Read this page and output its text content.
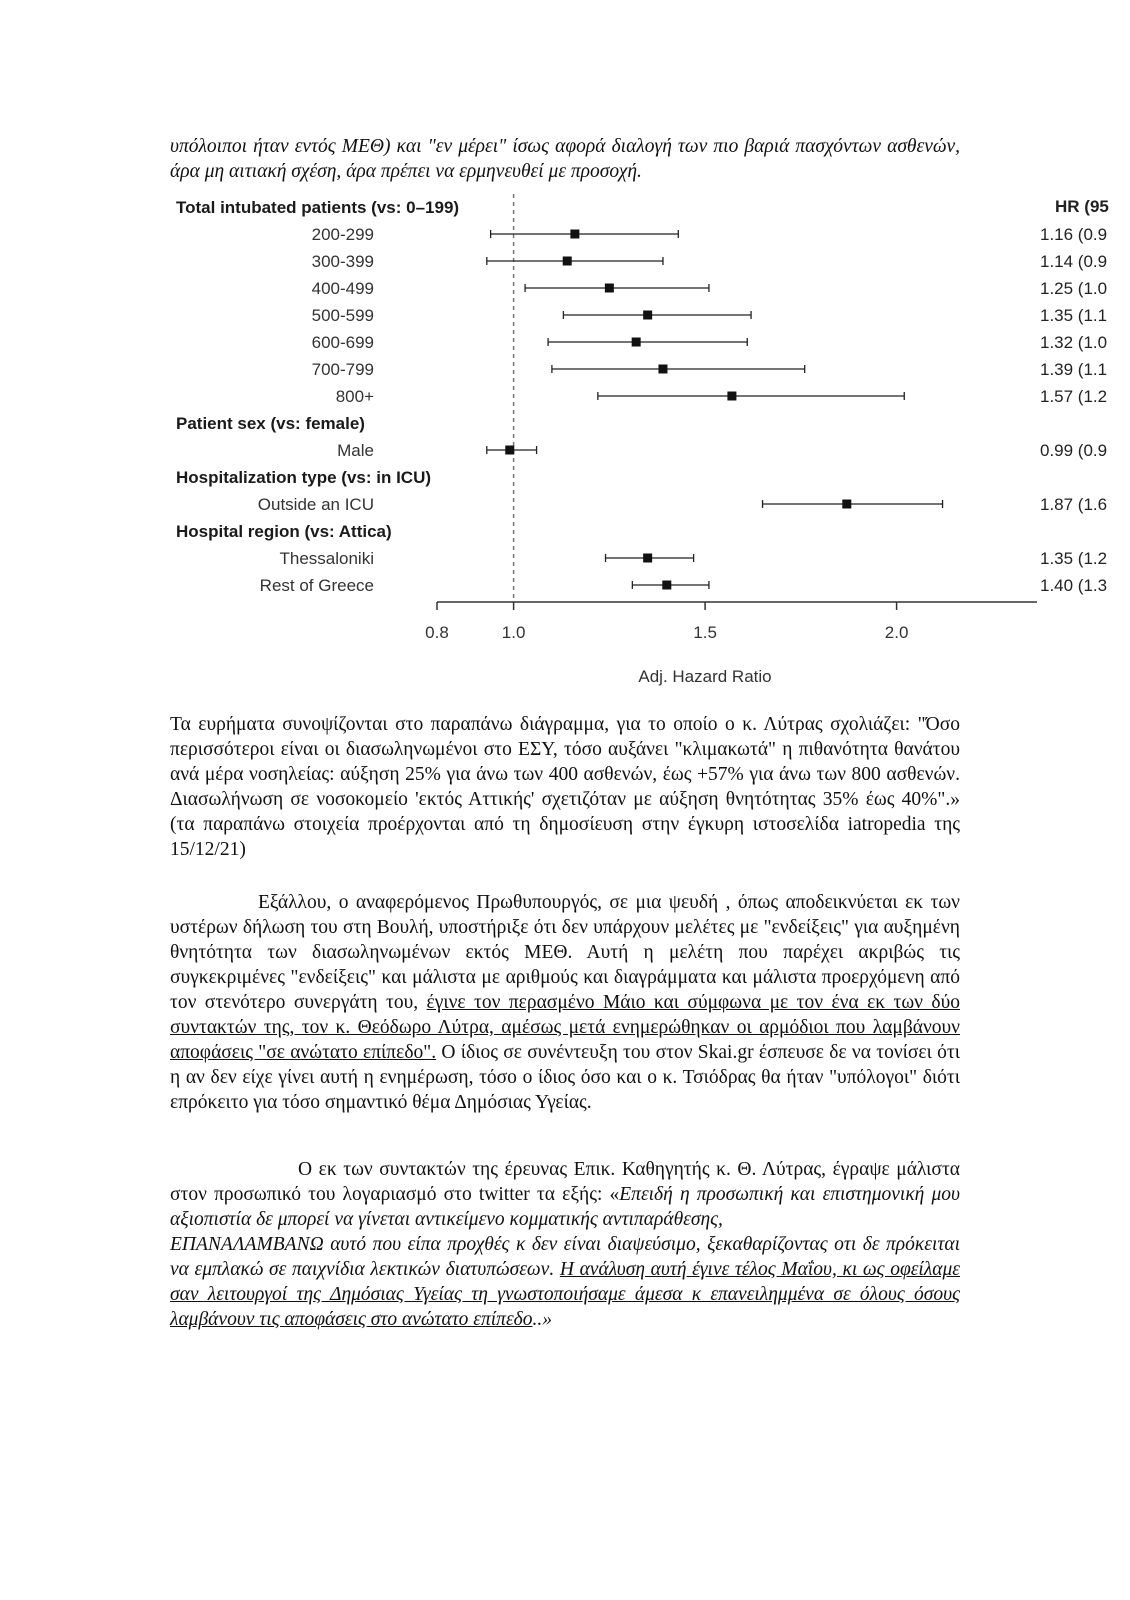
υπόλοιποι ήταν εντός ΜΕΘ) και "εν μέρει" ίσως αφορά διαλογή των πιο βαριά πασχόντων ασθενών, άρα μη αιτιακή σχέση, άρα πρέπει να ερμηνευθεί με προσοχή.

Total intubated patients (vs: 0–199)
200-299	1.16 (0.9
300-399	1.14 (0.9
400-499	1.25 (1.0
500-599	1.35 (1.1
600-699	1.32 (1.0
700-799	1.39 (1.1
800+	1.57 (1.2
Patient sex (vs: female)
Male	0.99 (0.9
Hospitalization type (vs: in ICU)
Outside an ICU	1.87 (1.6
Hospital region (vs: Attica)
Thessaloniki	1.35 (1.2
Rest of Greece	1.40 (1.3
0.8	1.0	1.5	2.0
HR (95
Adj. Hazard Ratio

Τα ευρήματα συνοψίζονται στο παραπάνω διάγραμμα, για το οποίο ο κ. Λύτρας σχολιάζει: "Όσο περισσότεροι είναι οι διασωληνωμένοι στο ΕΣΥ, τόσο αυξάνει "κλιμακωτά" η πιθανότητα θανάτου ανά μέρα νοσηλείας: αύξηση 25% για άνω των 400 ασθενών, έως +57% για άνω των 800 ασθενών. Διασωλήνωση σε νοσοκομείο 'εκτός Αττικής' σχετιζόταν με αύξηση θνητότητας 35% έως 40%".» (τα παραπάνω στοιχεία προέρχονται από τη δημοσίευση στην έγκυρη ιστοσελίδα iatropedia της 15/12/21)

Εξάλλου, ο αναφερόμενος Πρωθυπουργός, σε μια ψευδή , όπως αποδεικνύεται εκ των υστέρων δήλωση του στη Βουλή, υποστήριξε ότι δεν υπάρχουν μελέτες με "ενδείξεις" για αυξημένη θνητότητα των διασωληνωμένων εκτός ΜΕΘ. Αυτή η μελέτη που παρέχει ακριβώς τις συγκεκριμένες "ενδείξεις" και μάλιστα με αριθμούς και διαγράμματα και μάλιστα προερχόμενη από τον στενότερο συνεργάτη του, έγινε τον περασμένο Μάιο και σύμφωνα με τον ένα εκ των δύο συντακτών της, τον κ. Θεόδωρο Λύτρα, αμέσως μετά ενημερώθηκαν οι αρμόδιοι που λαμβάνουν αποφάσεις "σε ανώτατο επίπεδο". Ο ίδιος σε συνέντευξη του στον Skai.gr έσπευσε δε να τονίσει ότι η αν δεν είχε γίνει αυτή η ενημέρωση, τόσο ο ίδιος όσο και ο κ. Τσιόδρας θα ήταν "υπόλογοι" διότι επρόκειτο για τόσο σημαντικό θέμα Δημόσιας Υγείας.

Ο εκ των συντακτών της έρευνας Επικ. Καθηγητής κ. Θ. Λύτρας, έγραψε μάλιστα στον προσωπικό του λογαριασμό στο twitter τα εξής: «Επειδή η προσωπική και επιστημονική μου αξιοπιστία δε μπορεί να γίνεται αντικείμενο κομματικής αντιπαράθεσης,

ΕΠΑΝΑΛΑΜΒΑΝΩ αυτό που είπα προχθές κ δεν είναι διαψεύσιμο, ξεκαθαρίζοντας οτι δε πρόκειται να εμπλακώ σε παιχνίδια λεκτικών διατυπώσεων. Η ανάλυση αυτή έγινε τέλος Μαΐου, κι ως οφείλαμε σαν λειτουργοί της Δημόσιας Υγείας τη γνωστοποιήσαμε άμεσα κ επανειλημμένα σε όλους όσους λαμβάνουν τις αποφάσεις στο ανώτατο επίπεδο..»
